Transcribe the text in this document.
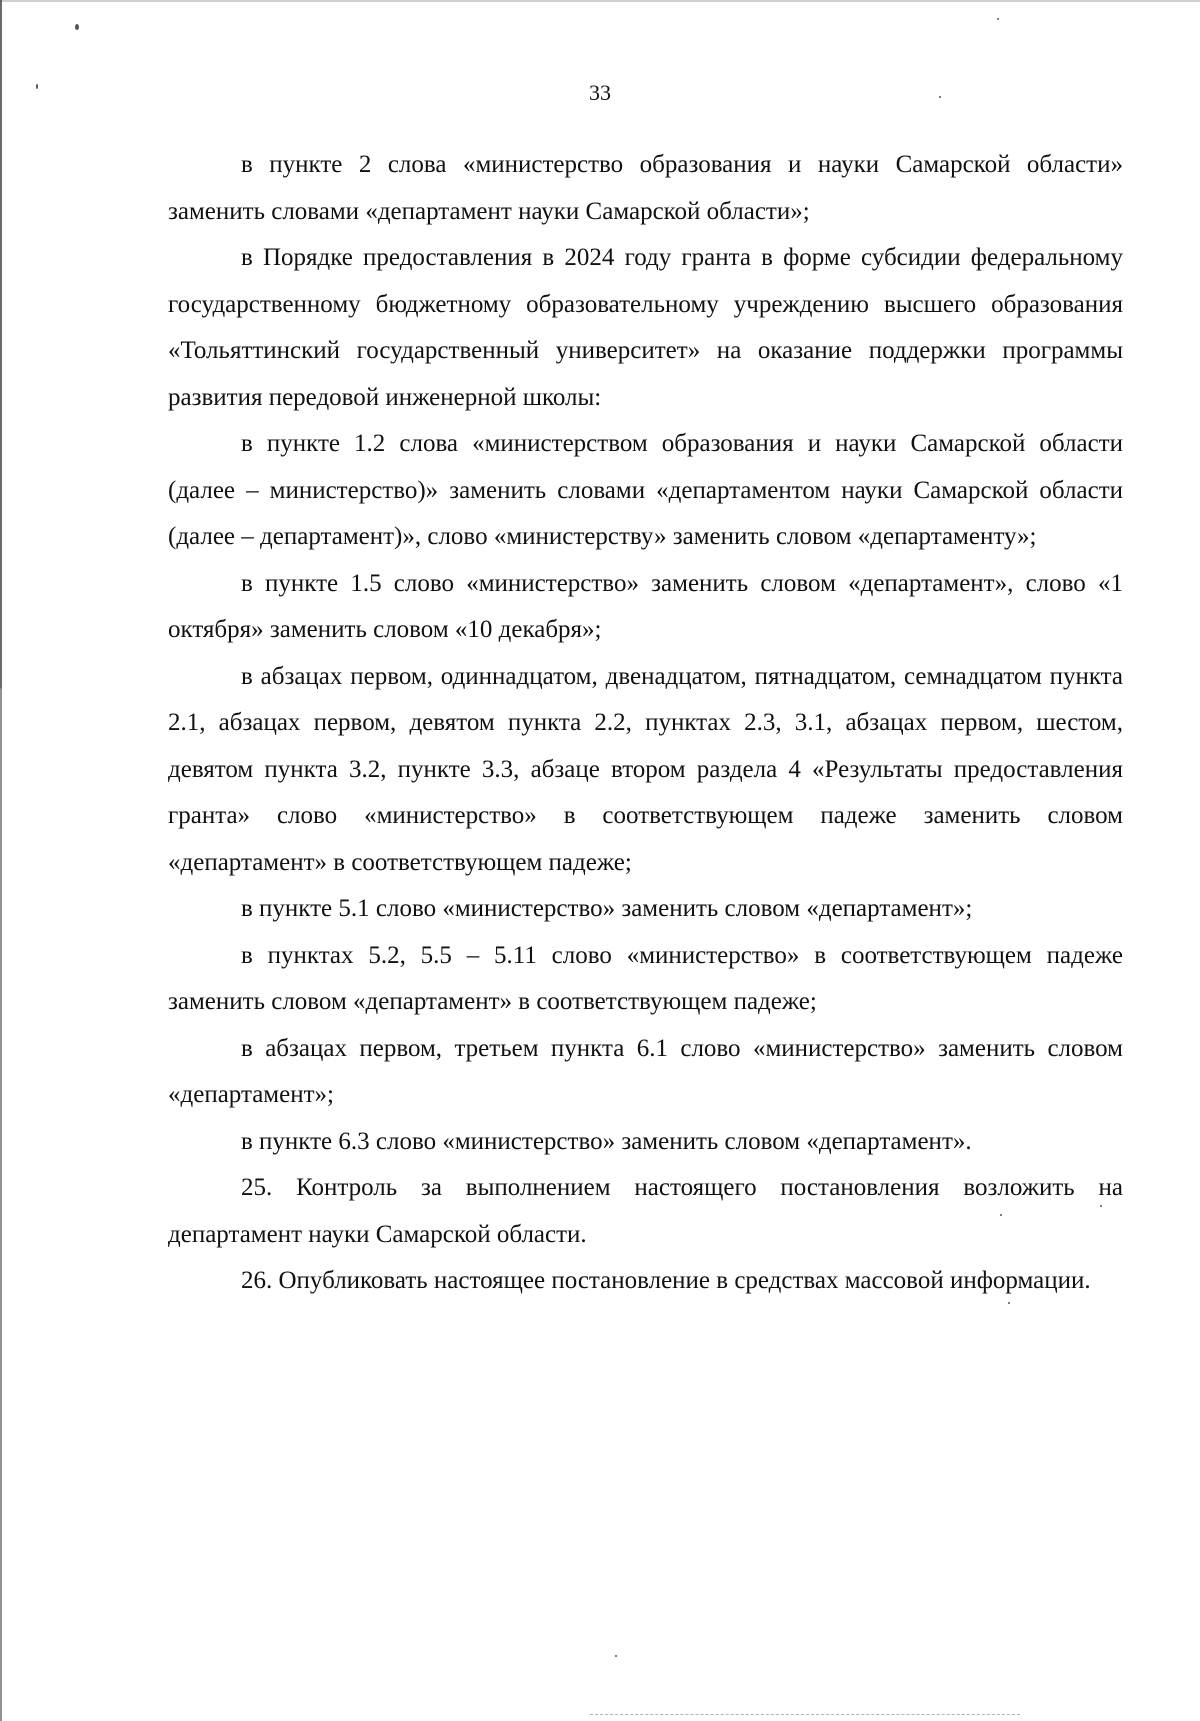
33

в пункте 2 слова «министерство образования и науки Самарской области» заменить словами «департамент науки Самарской области»;

в Порядке предоставления в 2024 году гранта в форме субсидии федеральному государственному бюджетному образовательному учреждению высшего образования «Тольяттинский государственный университет» на оказание поддержки программы развития передовой инженерной школы:

в пункте 1.2 слова «министерством образования и науки Самарской области (далее – министерство)» заменить словами «департаментом науки Самарской области (далее – департамент)», слово «министерству» заменить словом «департаменту»;

в пункте 1.5 слово «министерство» заменить словом «департамент», слово «1 октября» заменить словом «10 декабря»;

в абзацах первом, одиннадцатом, двенадцатом, пятнадцатом, семнадцатом пункта 2.1, абзацах первом, девятом пункта 2.2, пунктах 2.3, 3.1, абзацах первом, шестом, девятом пункта 3.2, пункте 3.3, абзаце втором раздела 4 «Результаты предоставления гранта» слово «министерство» в соответствующем падеже заменить словом «департамент» в соответствующем падеже;

в пункте 5.1 слово «министерство» заменить словом «департамент»;

в пунктах 5.2, 5.5 – 5.11 слово «министерство» в соответствующем падеже заменить словом «департамент» в соответствующем падеже;

в абзацах первом, третьем пункта 6.1 слово «министерство» заменить словом «департамент»;

в пункте 6.3 слово «министерство» заменить словом «департамент».

25. Контроль за выполнением настоящего постановления возложить на департамент науки Самарской области.

26. Опубликовать настоящее постановление в средствах массовой информации.
